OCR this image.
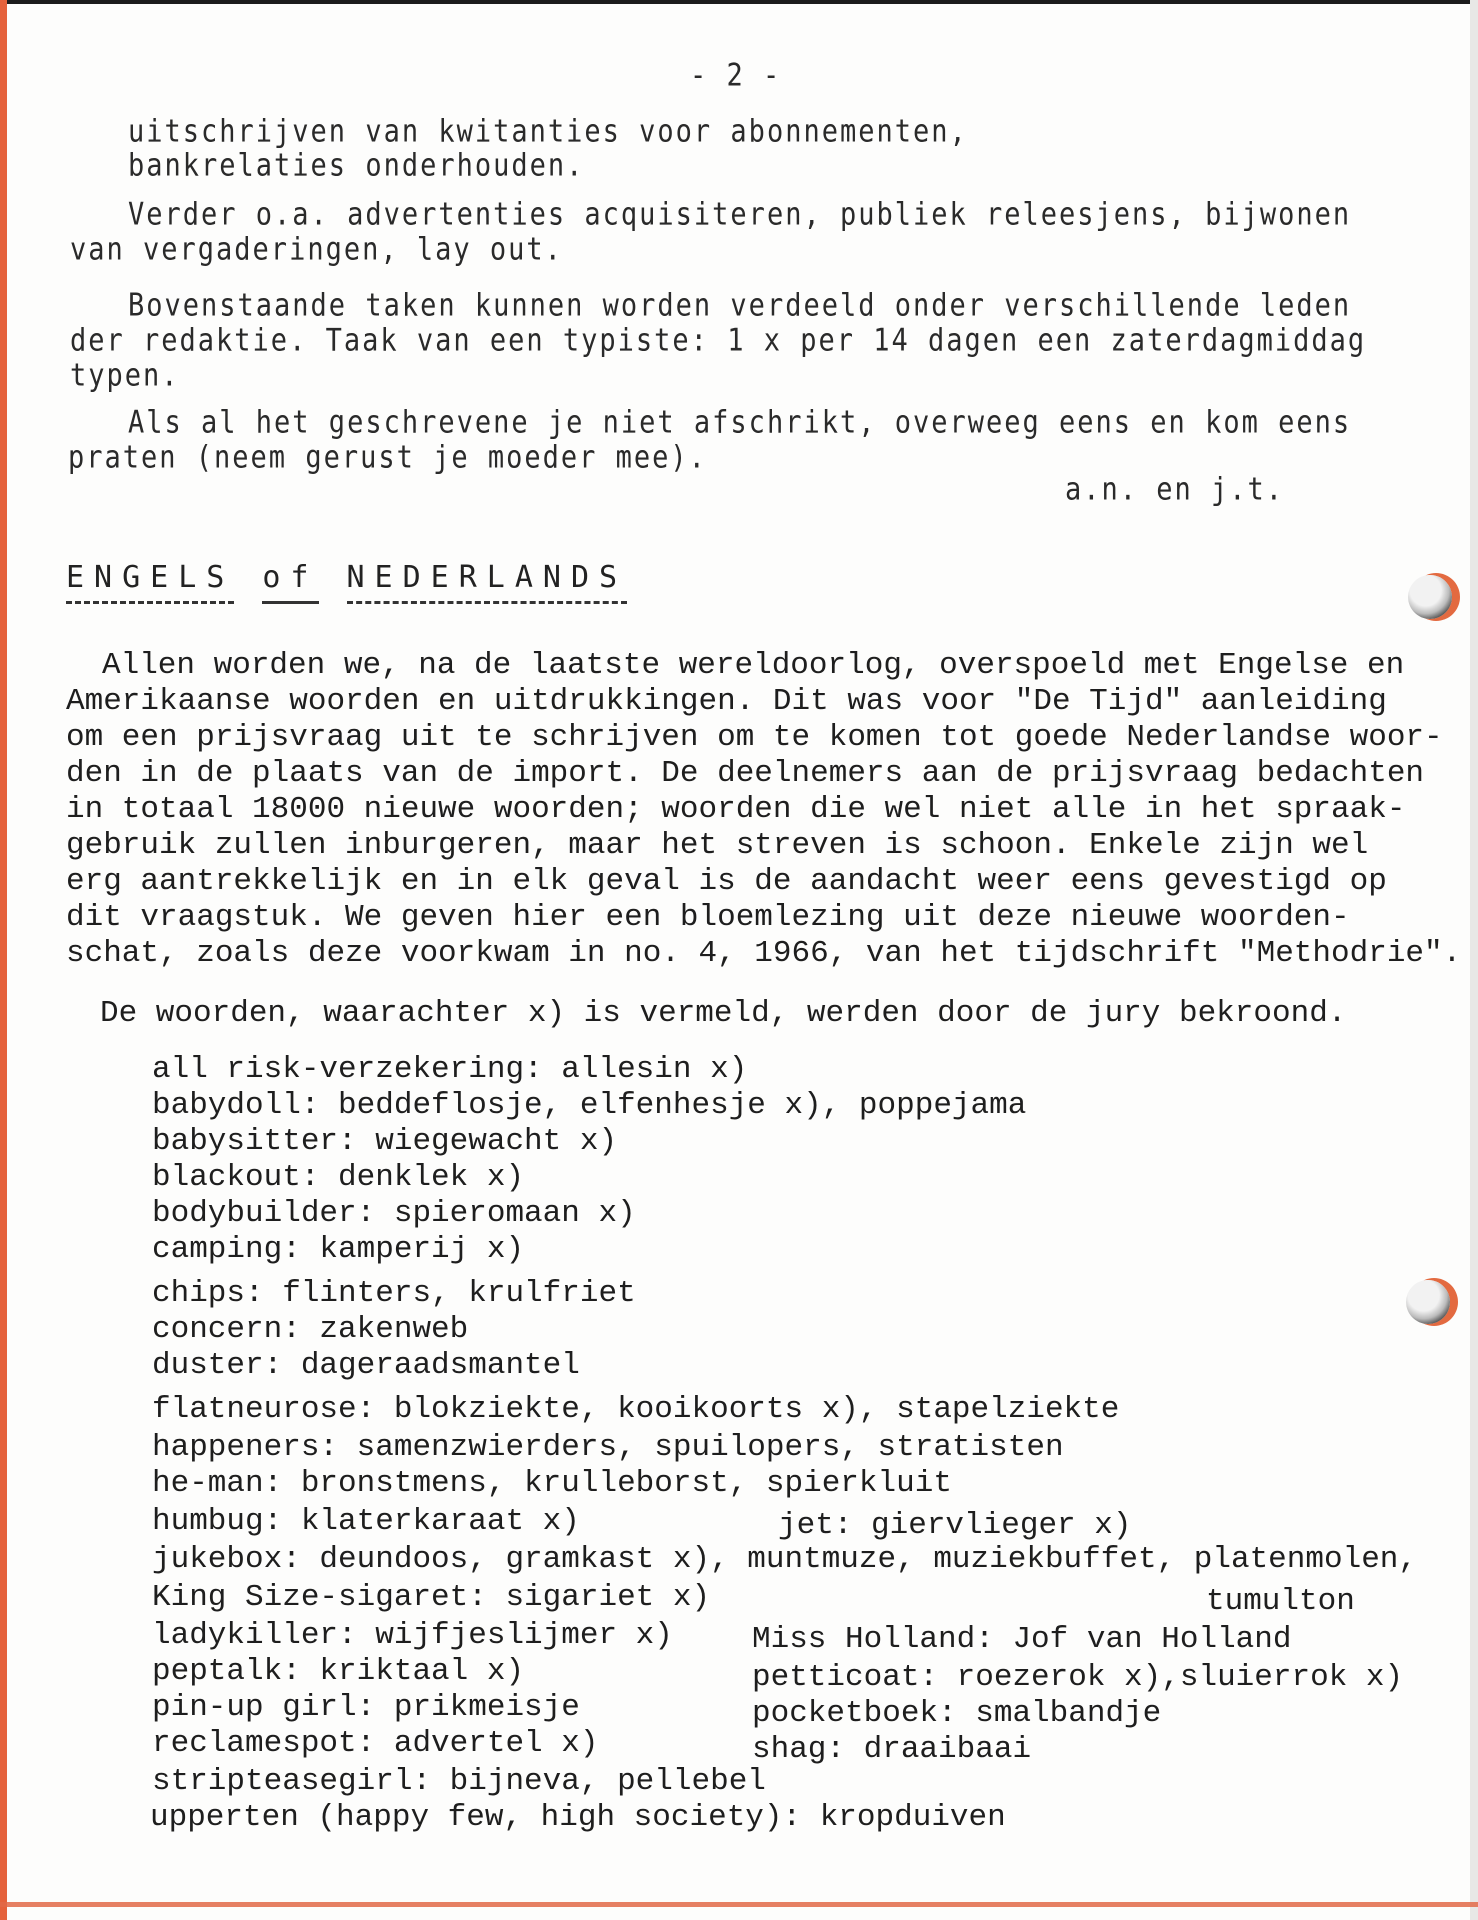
- 2 -
uitschrijven van kwitanties voor abonnementen,
bankrelaties onderhouden.
Verder o.a. advertenties acquisiteren, publiek releesjens, bijwonen
van vergaderingen, lay out.
Bovenstaande taken kunnen worden verdeeld onder verschillende leden
der redaktie. Taak van een typiste: 1 x per 14 dagen een zaterdagmiddag
typen.
Als al het geschrevene je niet afschrikt, overweeg eens en kom eens
praten (neem gerust je moeder mee).
a.n. en j.t.
ENGELS of NEDERLANDS
Allen worden we, na de laatste wereldoorlog, overspoeld met Engelse en
Amerikaanse woorden en uitdrukkingen. Dit was voor "De Tijd" aanleiding
om een prijsvraag uit te schrijven om te komen tot goede Nederlandse woor-
den in de plaats van de import. De deelnemers aan de prijsvraag bedachten
in totaal 18000 nieuwe woorden; woorden die wel niet alle in het spraak-
gebruik zullen inburgeren, maar het streven is schoon. Enkele zijn wel
erg aantrekkelijk en in elk geval is de aandacht weer eens gevestigd op
dit vraagstuk. We geven hier een bloemlezing uit deze nieuwe woorden-
schat, zoals deze voorkwam in no. 4, 1966, van het tijdschrift "Methodrie".
De woorden, waarachter x) is vermeld, werden door de jury bekroond.
all risk-verzekering: allesin x)
babydoll: beddeflosje, elfenhesje x), poppejama
babysitter: wiegewacht x)
blackout: denklek x)
bodybuilder: spieromaan x)
camping: kamperij x)
chips: flinters, krulfriet
concern: zakenweb
duster: dageraadsmantel
flatneurose: blokziekte, kooikoorts x), stapelziekte
happeners: samenzwierders, spuilopers, stratisten
he-man: bronstmens, krulleborst, spierkluit
humbug: klaterkaraat x)	jet: giervlieger x)
jukebox: deundoos, gramkast x), muntmuze, muziekbuffet, platenmolen,
King Size-sigaret: sigariet x)	tumulton
ladykiller: wijfjeslijmer x)	Miss Holland: Jof van Holland
peptalk: kriktaal x)	petticoat: roezerok x),sluierrok x)
pin-up girl: prikmeisje	pocketboek: smalbandje
reclamespot: advertel x)	shag: draaibaai
stripteasegirl: bijneva, pellebel
upperten (happy few, high society): kropduiven
